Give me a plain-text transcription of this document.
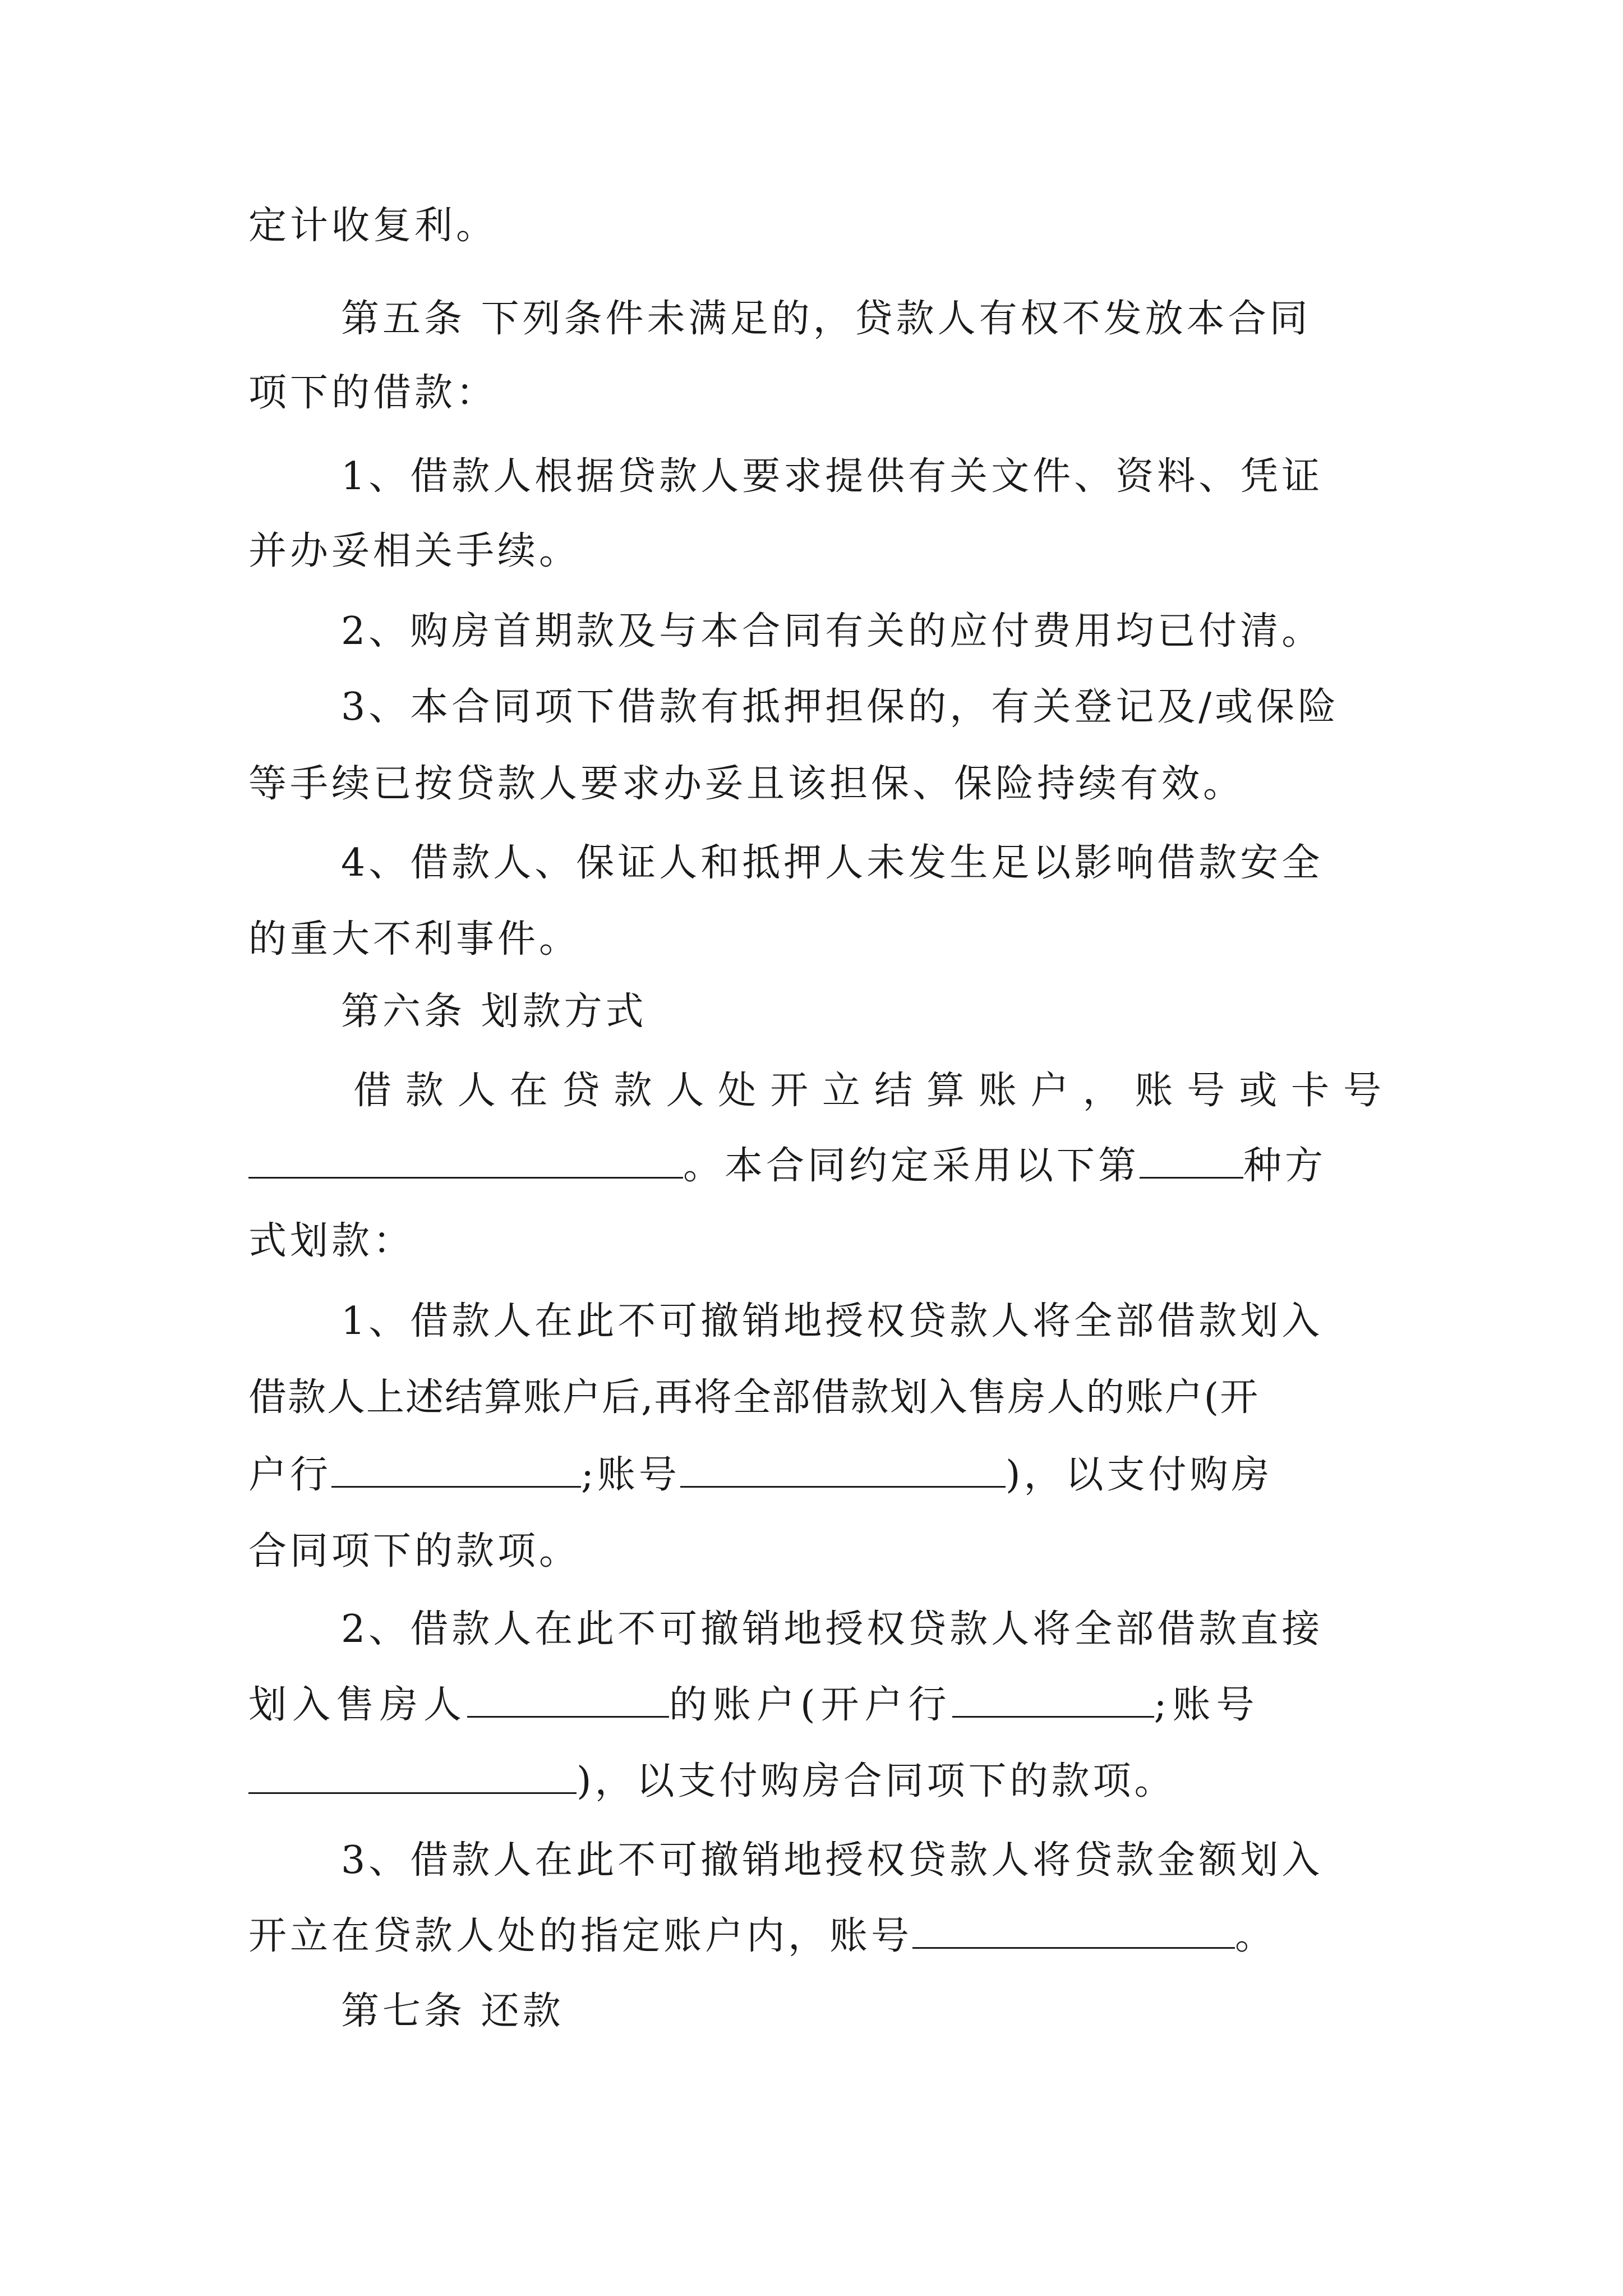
定计收复利。
第五条 下列条件未满足的，贷款人有权不发放本合同
项下的借款：
1、借款人根据贷款人要求提供有关文件、资料、凭证
并办妥相关手续。
2、购房首期款及与本合同有关的应付费用均已付清。
3、本合同项下借款有抵押担保的，有关登记及/或保险
等手续已按贷款人要求办妥且该担保、保险持续有效。
4、借款人、保证人和抵押人未发生足以影响借款安全
的重大不利事件。
第六条 划款方式
借款人在贷款人处开立结算账户，账号或卡号
。本合同约定采用以下第	种方
式划款：
1、借款人在此不可撤销地授权贷款人将全部借款划入
借款人上述结算账户后,再将全部借款划入售房人的账户(开
户行	;账号	)，以支付购房
合同项下的款项。
2、借款人在此不可撤销地授权贷款人将全部借款直接
划入售房人	的账户(开户行	;账号
)，以支付购房合同项下的款项。
3、借款人在此不可撤销地授权贷款人将贷款金额划入
开立在贷款人处的指定账户内，账号	。
第七条 还款
